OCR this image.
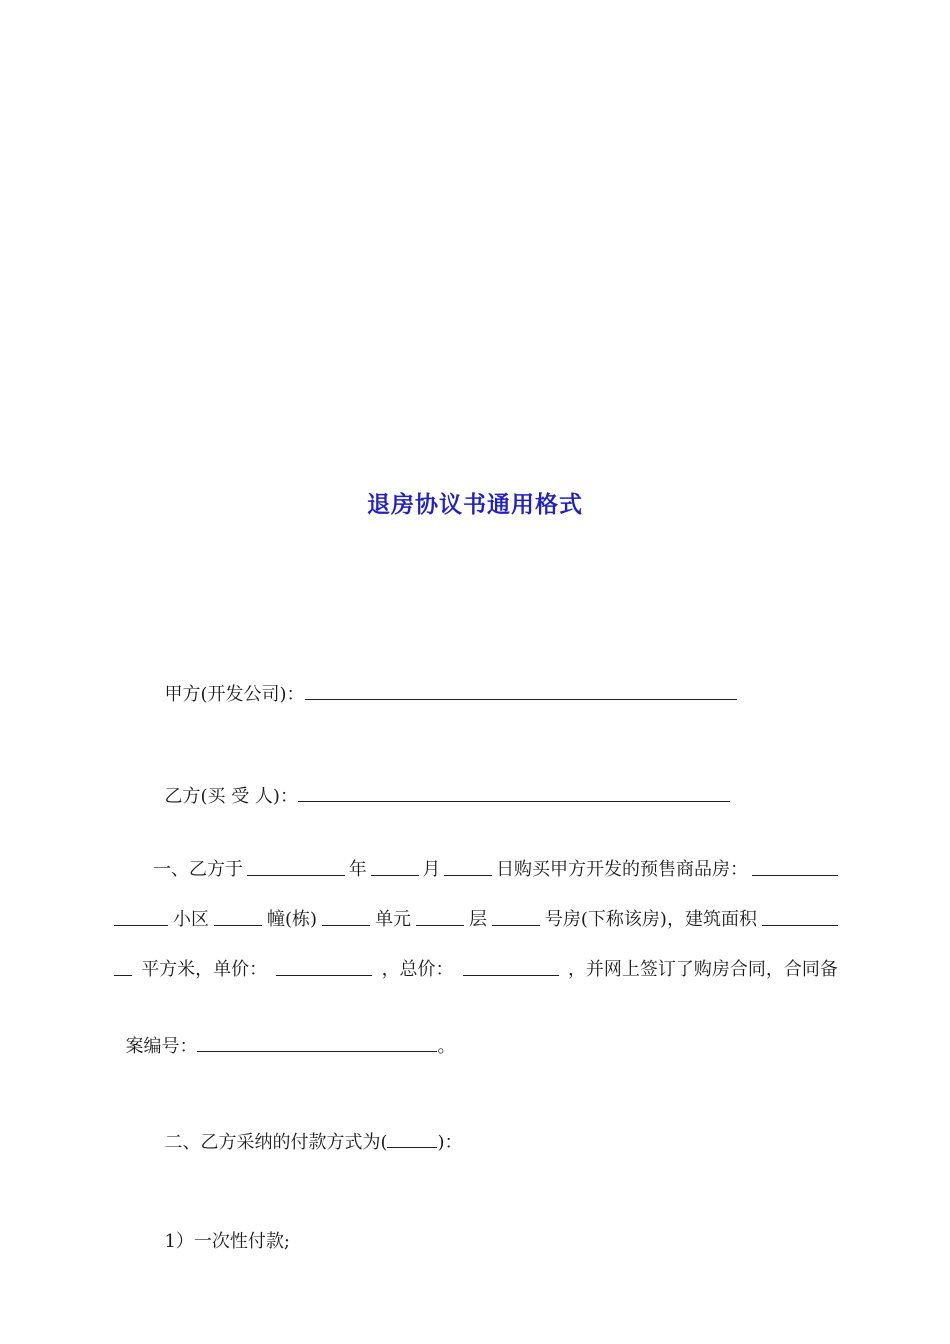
退房协议书通用格式

甲方(开发公司)：

乙方(买 受 人)：

一、乙方于	年	月	日购买甲方开发的预售商品房：
小区	幢(栋)	单元	层	号房(下称该房)，建筑面积
平方米，单价：	，总价：	，并网上签订了购房合同，合同备

案编号：	。

二、乙方采纳的付款方式为(	)：

1）一次性付款;
